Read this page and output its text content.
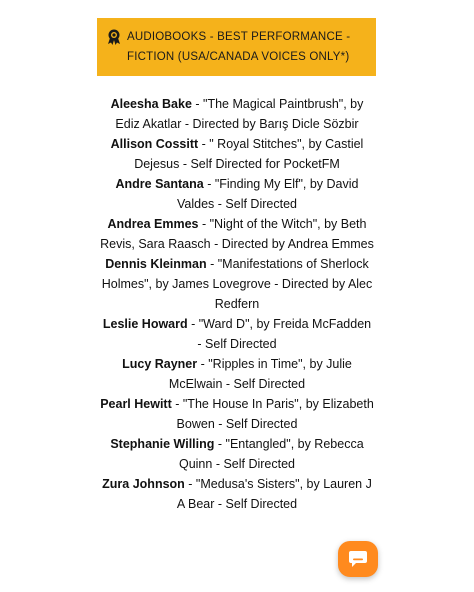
AUDIOBOOKS - BEST PERFORMANCE - FICTION (USA/CANADA VOICES ONLY*)

Aleesha Bake - "The Magical Paintbrush", by Ediz Akatlar - Directed by Barış Dicle Sözbir

Allison Cossitt - " Royal Stitches", by Castiel Dejesus - Self Directed for PocketFM

Andre Santana - "Finding My Elf", by David Valdes - Self Directed

Andrea Emmes - "Night of the Witch", by Beth Revis, Sara Raasch - Directed by Andrea Emmes

Dennis Kleinman - "Manifestations of Sherlock Holmes", by James Lovegrove - Directed by Alec Redfern

Leslie Howard - "Ward D", by Freida McFadden - Self Directed

Lucy Rayner - "Ripples in Time", by Julie McElwain - Self Directed

Pearl Hewitt - "The House In Paris", by Elizabeth Bowen - Self Directed

Stephanie Willing - "Entangled", by Rebecca Quinn - Self Directed

Zura Johnson - "Medusa's Sisters", by Lauren J A Bear - Self Directed
